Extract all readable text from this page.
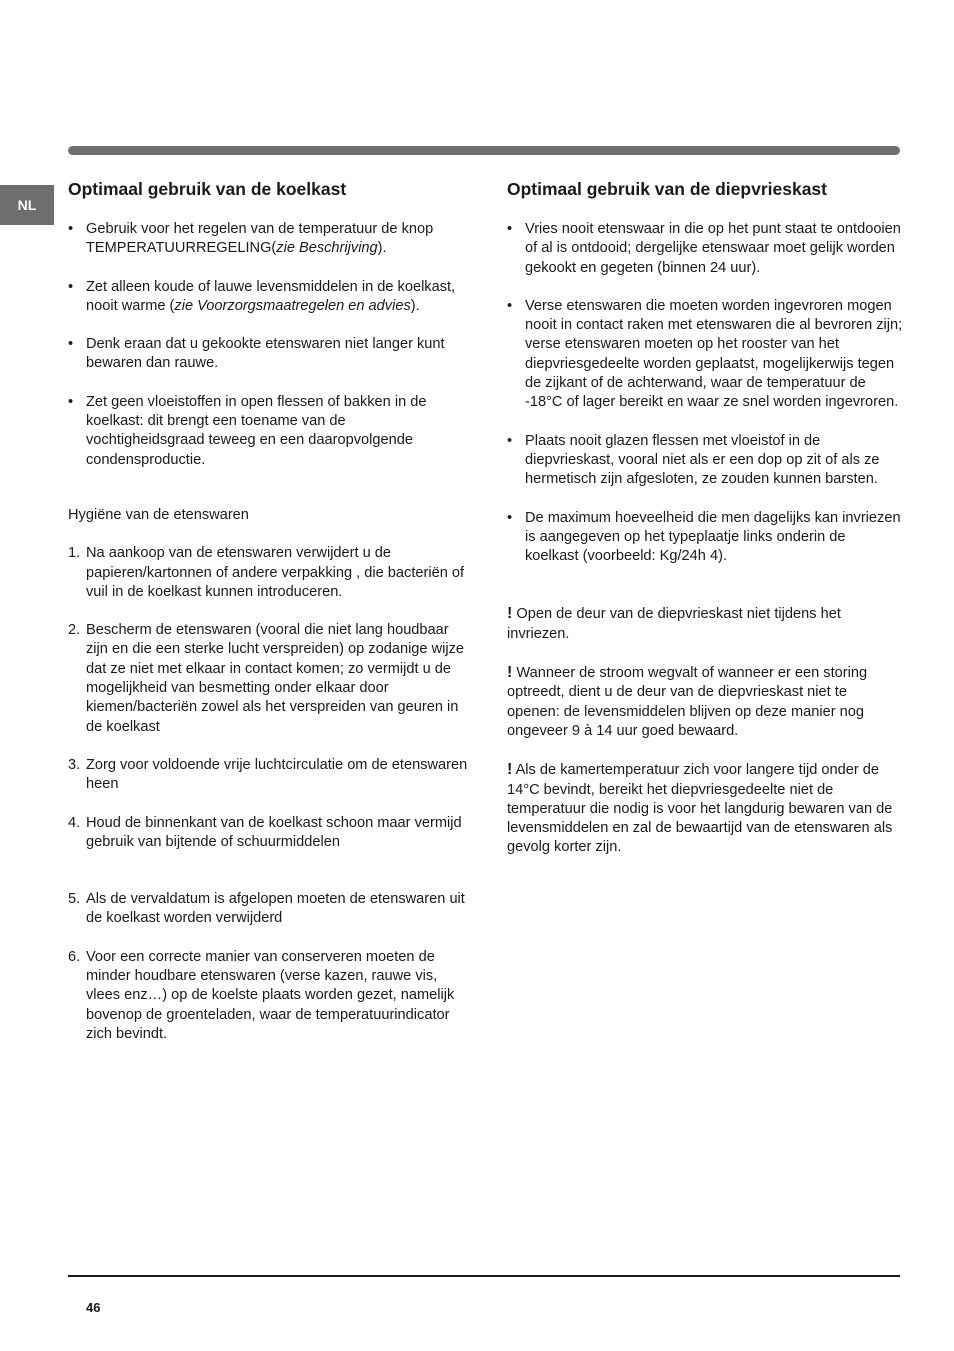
NL
Optimaal gebruik van de koelkast
• Gebruik voor het regelen van de temperatuur de knop TEMPERATUURREGELING(zie Beschrijving).
• Zet alleen koude of lauwe levensmiddelen in de koelkast, nooit warme (zie Voorzorgsmaatregelen en advies).
• Denk eraan dat u gekookte etenswaren niet langer kunt bewaren dan rauwe.
• Zet geen vloeistoffen in open flessen of bakken in de koelkast: dit brengt een toename van de vochtigheidsgraad teweeg en een daaropvolgende condensproductie.
Hygiëne van de etenswaren
1. Na aankoop van de etenswaren verwijdert u de papieren/kartonnen of andere verpakking , die bacteriën of vuil in de koelkast kunnen introduceren.
2. Bescherm de etenswaren (vooral die niet lang houdbaar zijn en die een sterke lucht verspreiden) op zodanige wijze dat ze niet met elkaar in contact komen; zo vermijdt u de mogelijkheid van besmetting onder elkaar door kiemen/bacteriën zowel als het verspreiden van geuren in de koelkast
3. Zorg voor voldoende vrije luchtcirculatie om de etenswaren heen
4. Houd de binnenkant van de koelkast schoon maar vermijd gebruik van bijtende of schuurmiddelen
5. Als de vervaldatum is afgelopen moeten de etenswaren uit de koelkast worden verwijderd
6. Voor een correcte manier van conserveren moeten de minder houdbare etenswaren (verse kazen, rauwe vis, vlees enz…) op de koelste plaats worden gezet, namelijk bovenop de groenteladen, waar de temperatuurindicator zich bevindt.
Optimaal gebruik van de diepvrieskast
• Vries nooit etenswaar in die op het punt staat te ontdooien of al is ontdooid; dergelijke etenswaar moet gelijk worden gekookt en gegeten (binnen 24 uur).
• Verse etenswaren die moeten worden ingevroren mogen nooit in contact raken met etenswaren die al bevroren zijn; verse etenswaren moeten op het rooster van het diepvriesgedeelte worden geplaatst, mogelijkerwijs tegen de zijkant of de achterwand, waar de temperatuur de -18°C of lager bereikt en waar ze snel worden ingevroren.
• Plaats nooit glazen flessen met vloeistof in de diepvrieskast, vooral niet als er een dop op zit of als ze hermetisch zijn afgesloten, ze zouden kunnen barsten.
• De maximum hoeveelheid die men dagelijks kan invriezen is aangegeven op het typeplaatje links onderin de koelkast (voorbeeld: Kg/24h 4).
! Open de deur van de diepvrieskast niet tijdens het invriezen.
! Wanneer de stroom wegvalt of wanneer er een storing optreedt, dient u de deur van de diepvrieskast niet te openen: de levensmiddelen blijven op deze manier nog ongeveer 9 à 14 uur goed bewaard.
! Als de kamertemperatuur zich voor langere tijd onder de 14°C bevindt, bereikt het diepvriesgedeelte niet de temperatuur die nodig is voor het langdurig bewaren van de levensmiddelen en zal de bewaartijd van de etenswaren als gevolg korter zijn.
46
